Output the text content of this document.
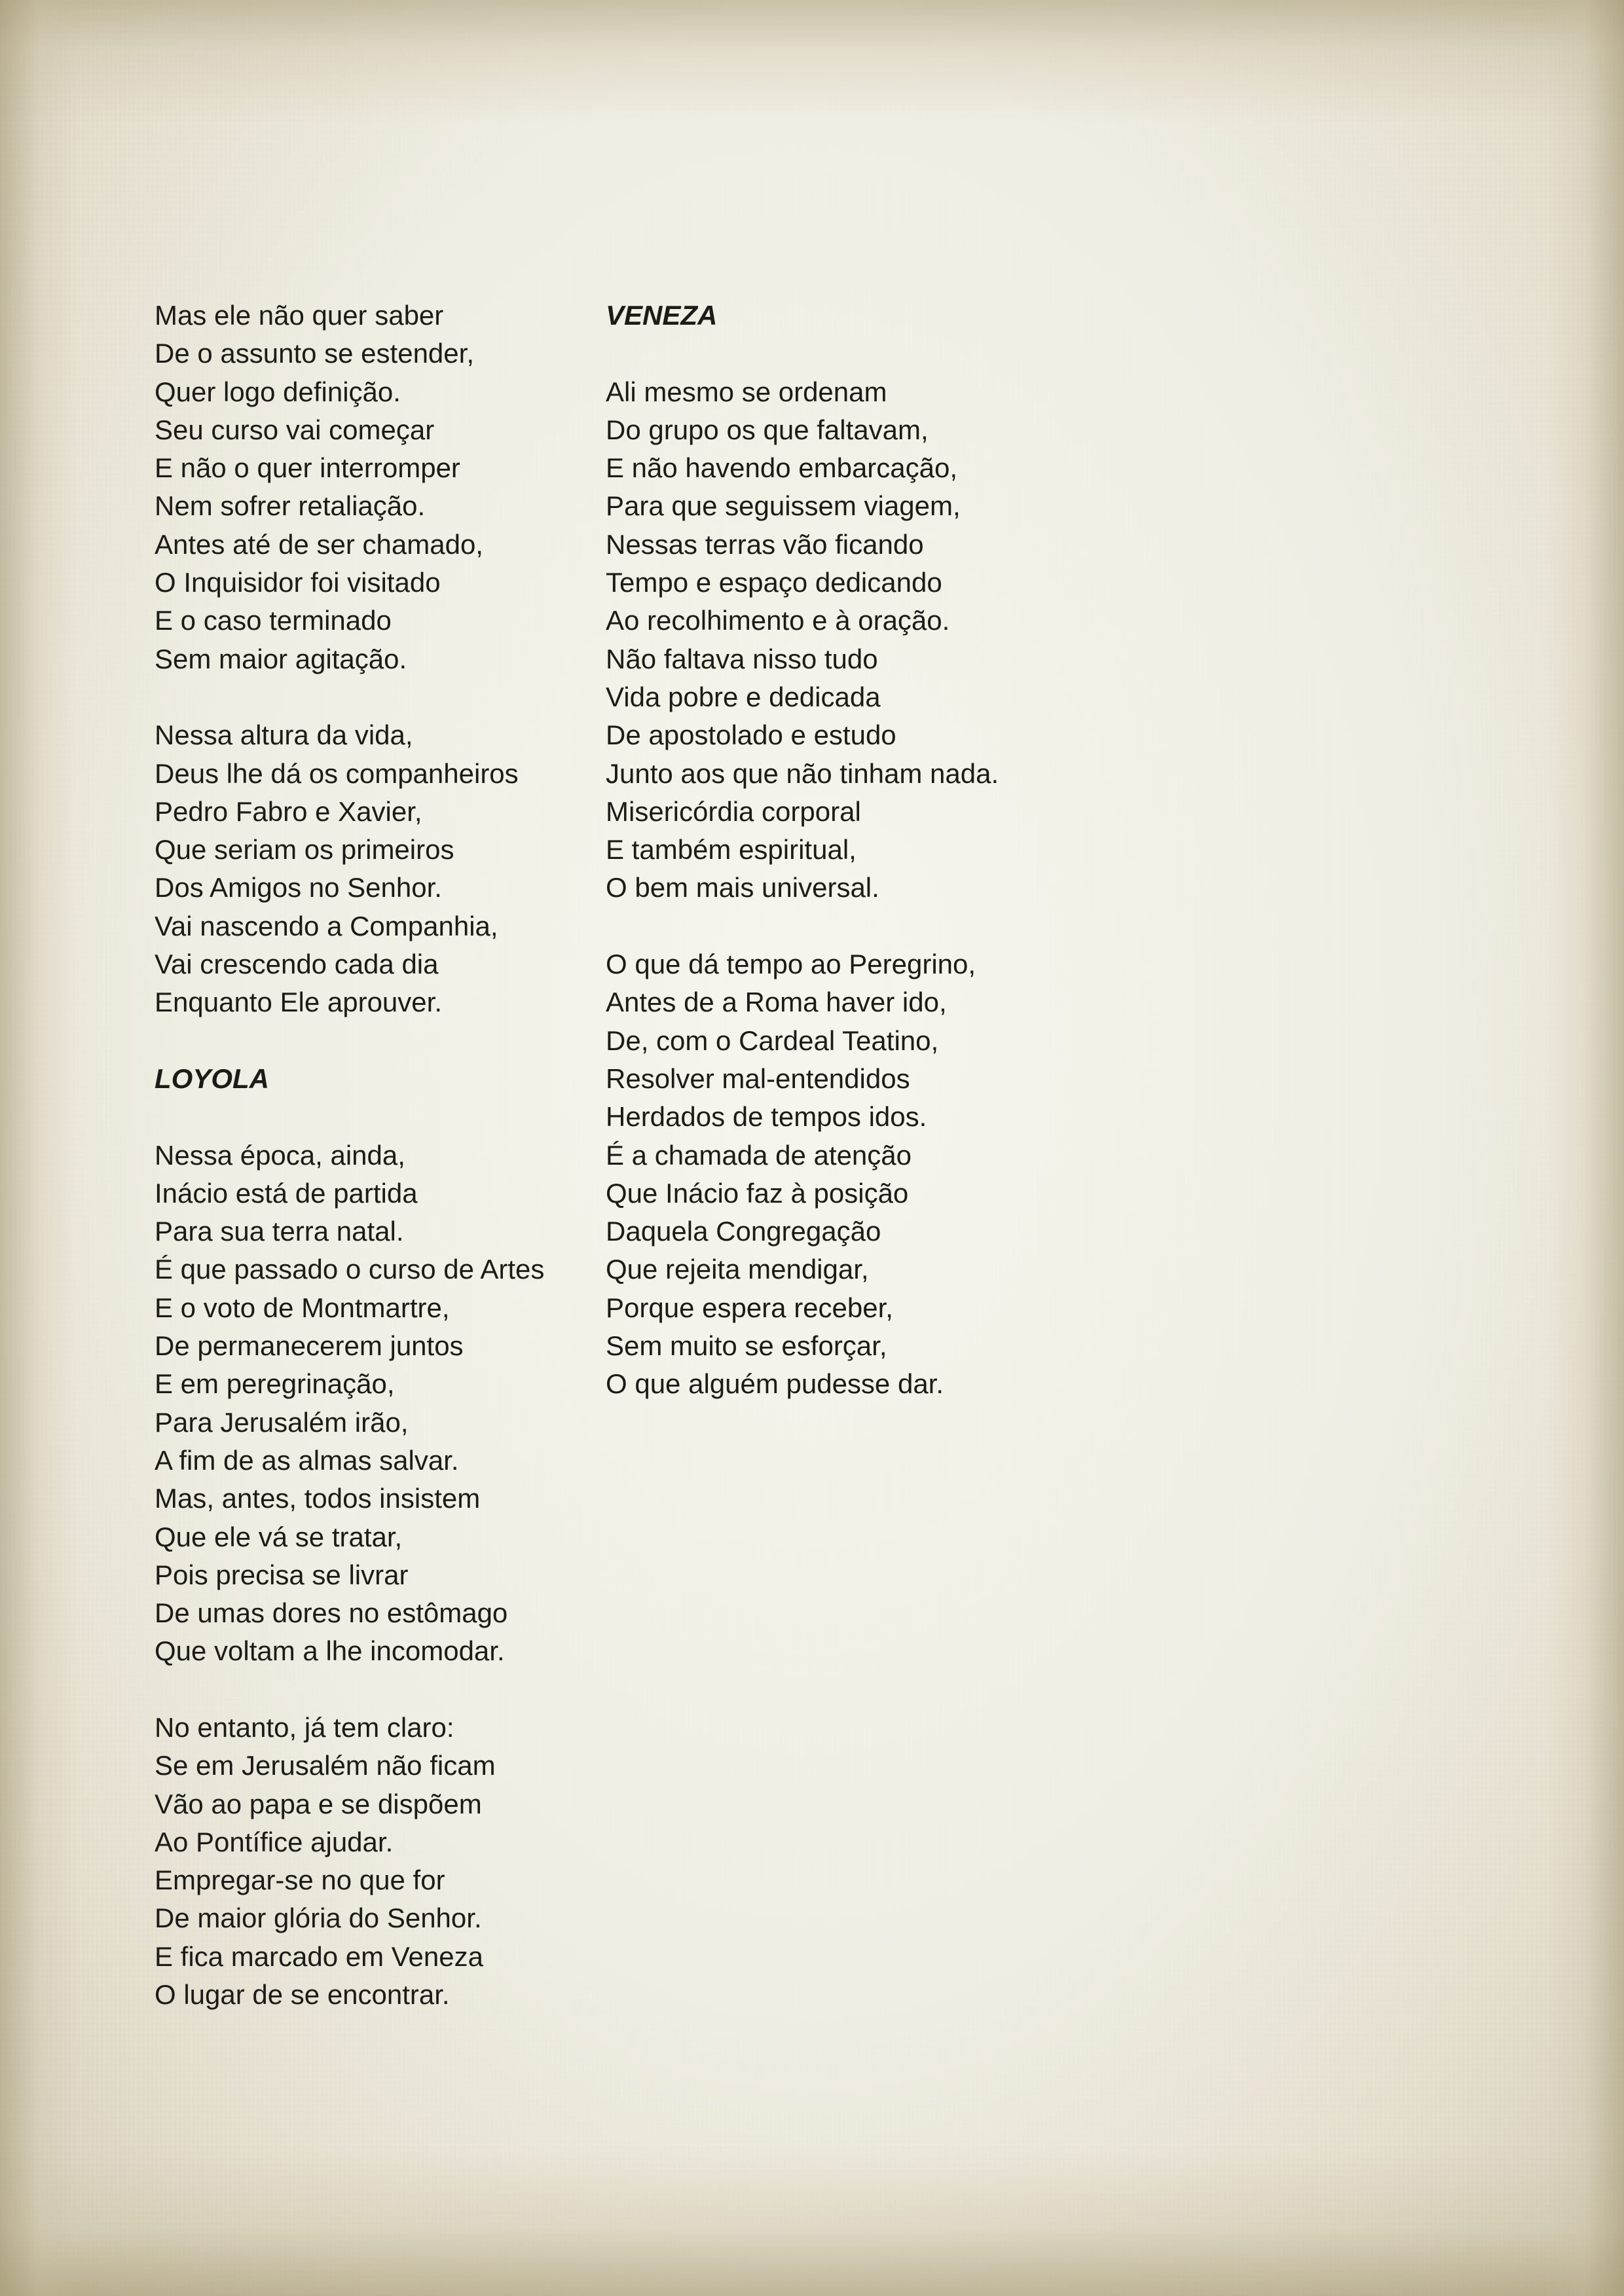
Mas ele não quer saber
De o assunto se estender,
Quer logo definição.
Seu curso vai começar
E não o quer interromper
Nem sofrer retaliação.
Antes até de ser chamado,
O Inquisidor foi visitado
E o caso terminado
Sem maior agitação.
Nessa altura da vida,
Deus lhe dá os companheiros
Pedro Fabro e Xavier,
Que seriam os primeiros
Dos Amigos no Senhor.
Vai nascendo a Companhia,
Vai crescendo cada dia
Enquanto Ele aprouver.
LOYOLA
Nessa época, ainda,
Inácio está de partida
Para sua terra natal.
É que passado o curso de Artes
E o voto de Montmartre,
De permanecerem juntos
E em peregrinação,
Para Jerusalém irão,
A fim de as almas salvar.
Mas, antes, todos insistem
Que ele vá se tratar,
Pois precisa se livrar
De umas dores no estômago
Que voltam a lhe incomodar.
No entanto, já tem claro:
Se em Jerusalém não ficam
Vão ao papa e se dispõem
Ao Pontífice ajudar.
Empregar-se no que for
De maior glória do Senhor.
E fica marcado em Veneza
O lugar de se encontrar.
VENEZA
Ali mesmo se ordenam
Do grupo os que faltavam,
E não havendo embarcação,
Para que seguissem viagem,
Nessas terras vão ficando
Tempo e espaço dedicando
Ao recolhimento e à oração.
Não faltava nisso tudo
Vida pobre e dedicada
De apostolado e estudo
Junto aos que não tinham nada.
Misericórdia corporal
E também espiritual,
O bem mais universal.
O que dá tempo ao Peregrino,
Antes de a Roma haver ido,
De, com o Cardeal Teatino,
Resolver mal-entendidos
Herdados de tempos idos.
É a chamada de atenção
Que Inácio faz à posição
Daquela Congregação
Que rejeita mendigar,
Porque espera receber,
Sem muito se esforçar,
O que alguém pudesse dar.
